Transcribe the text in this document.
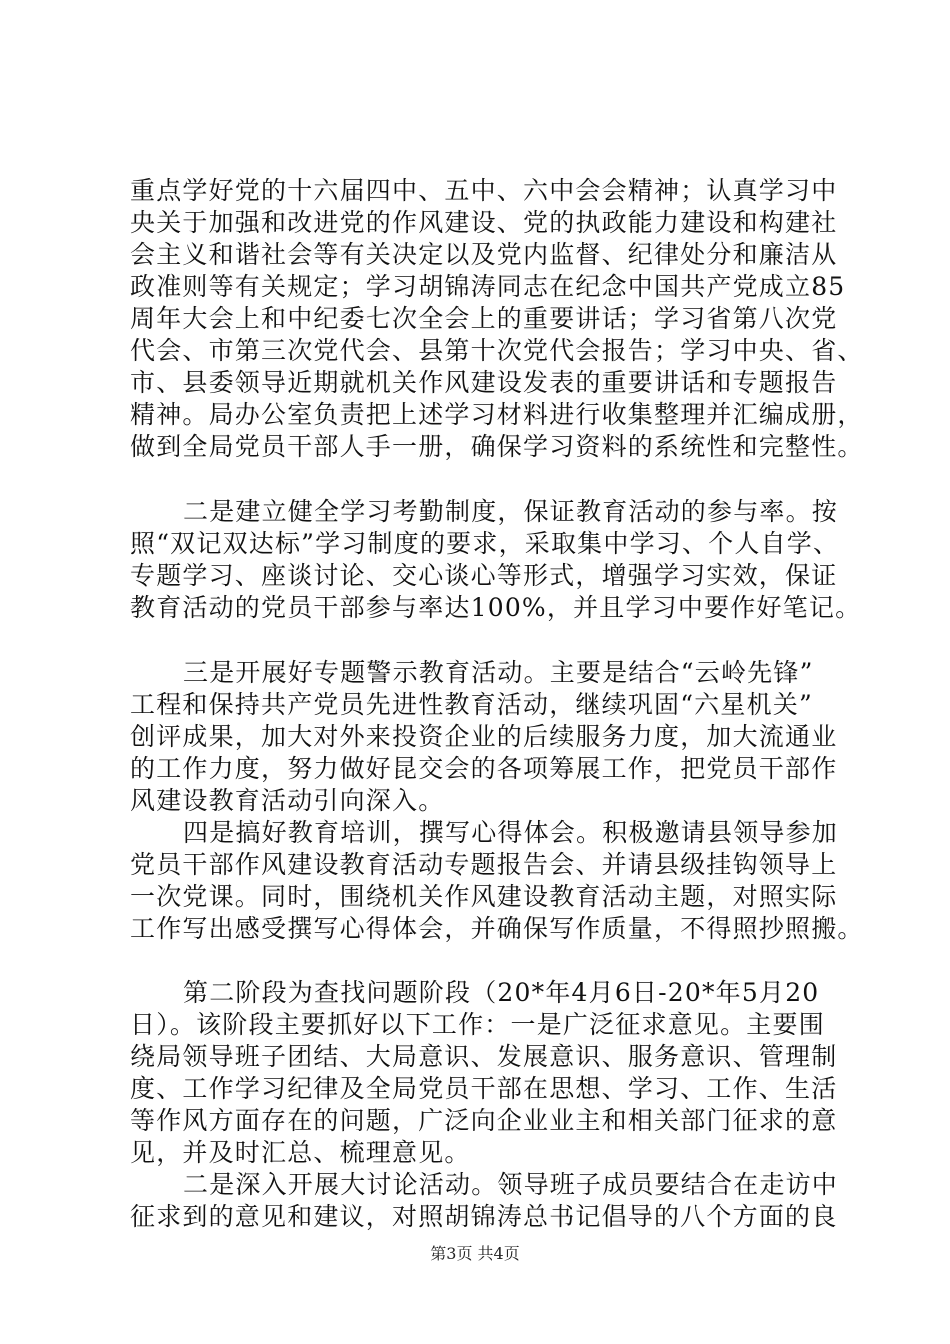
重点学好党的十六届四中、五中、六中会会精神；认真学习中
央关于加强和改进党的作风建设、党的执政能力建设和构建社
会主义和谐社会等有关决定以及党内监督、纪律处分和廉洁从
政准则等有关规定；学习胡锦涛同志在纪念中国共产党成立85
周年大会上和中纪委七次全会上的重要讲话；学习省第八次党
代会、市第三次党代会、县第十次党代会报告；学习中央、省、
市、县委领导近期就机关作风建设发表的重要讲话和专题报告
精神。局办公室负责把上述学习材料进行收集整理并汇编成册，
做到全局党员干部人手一册，确保学习资料的系统性和完整性。
二是建立健全学习考勤制度，保证教育活动的参与率。按
照“双记双达标”学习制度的要求，采取集中学习、个人自学、
专题学习、座谈讨论、交心谈心等形式，增强学习实效，保证
教育活动的党员干部参与率达100%，并且学习中要作好笔记。
三是开展好专题警示教育活动。主要是结合“云岭先锋”
工程和保持共产党员先进性教育活动，继续巩固“六星机关”
创评成果，加大对外来投资企业的后续服务力度，加大流通业
的工作力度，努力做好昆交会的各项筹展工作，把党员干部作
风建设教育活动引向深入。
四是搞好教育培训，撰写心得体会。积极邀请县领导参加
党员干部作风建设教育活动专题报告会、并请县级挂钩领导上
一次党课。同时，围绕机关作风建设教育活动主题，对照实际
工作写出感受撰写心得体会，并确保写作质量，不得照抄照搬。
第二阶段为查找问题阶段（20*年4月6日-20*年5月20
日）。该阶段主要抓好以下工作：一是广泛征求意见。主要围
绕局领导班子团结、大局意识、发展意识、服务意识、管理制
度、工作学习纪律及全局党员干部在思想、学习、工作、生活
等作风方面存在的问题，广泛向企业业主和相关部门征求的意
见，并及时汇总、梳理意见。
二是深入开展大讨论活动。领导班子成员要结合在走访中
征求到的意见和建议，对照胡锦涛总书记倡导的八个方面的良
第3页 共4页
